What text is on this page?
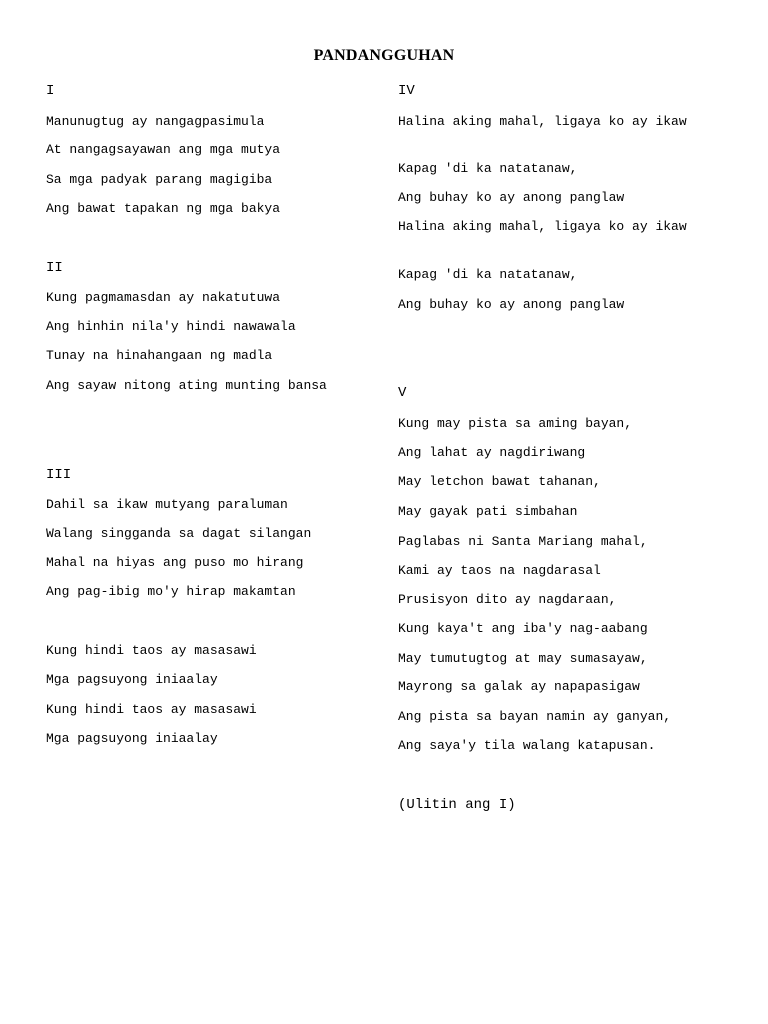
PANDANGGUHAN
I
Manunugtug ay nangagpasimula
At nangagsayawan ang mga mutya
Sa mga padyak parang magigiba
Ang bawat tapakan ng mga bakya
II
Kung pagmamasdan ay nakatutuwa
Ang hinhin nila'y hindi nawawala
Tunay na hinahangaan ng madla
Ang sayaw nitong ating munting bansa
III
Dahil sa ikaw mutyang paraluman
Walang singganda sa dagat silangan
Mahal na hiyas ang puso mo hirang
Ang pag-ibig mo'y hirap makamtan
Kung hindi taos ay masasawi
Mga pagsuyong iniaalay
Kung hindi taos ay masasawi
Mga pagsuyong iniaalay
IV
Halina aking mahal, ligaya ko ay ikaw
Kapag 'di ka natatanaw,
Ang buhay ko ay anong panglaw
Halina aking mahal, ligaya ko ay ikaw
Kapag 'di ka natatanaw,
Ang buhay ko ay anong panglaw
V
Kung may pista sa aming bayan,
Ang lahat ay nagdiriwang
May letchon bawat tahanan,
May gayak pati simbahan
Paglabas ni Santa Mariang mahal,
Kami ay taos na nagdarasal
Prusisyon dito ay nagdaraan,
Kung kaya't ang iba'y nag-aabang
May tumutugtog at may sumasayaw,
Mayrong sa galak ay napapasigaw
Ang pista sa bayan namin ay ganyan,
Ang saya'y tila walang katapusan.
(Ulitin ang I)
